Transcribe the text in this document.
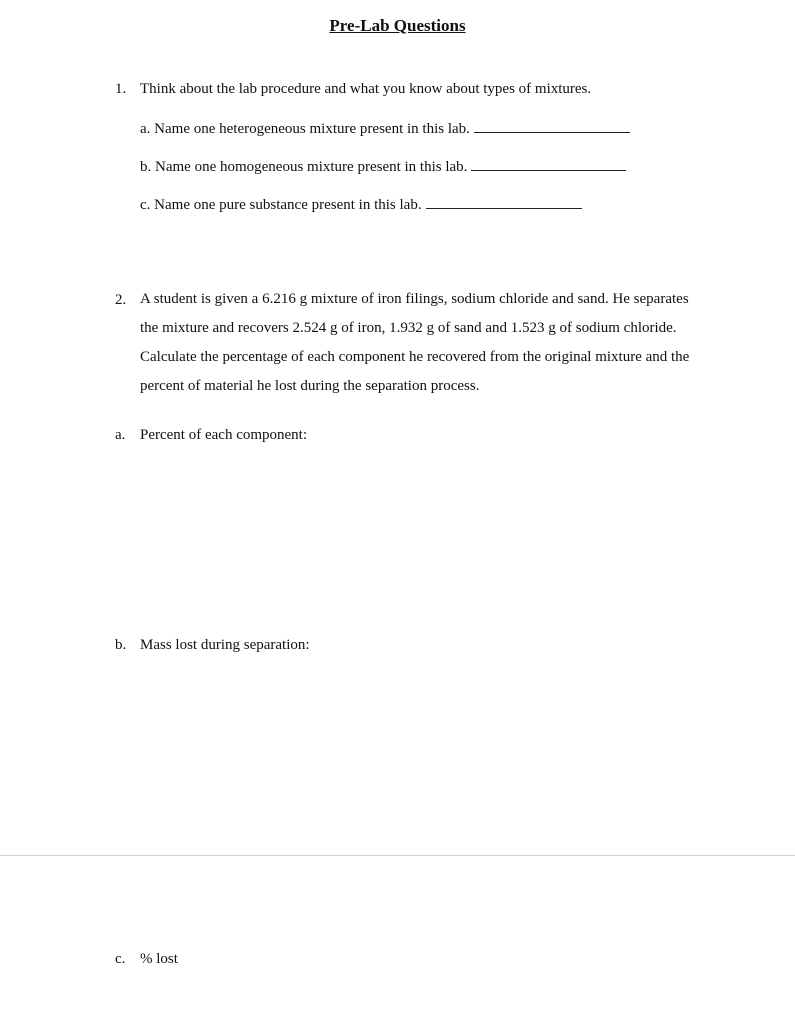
Pre-Lab Questions
1. Think about the lab procedure and what you know about types of mixtures.
a. Name one heterogeneous mixture present in this lab.
b. Name one homogeneous mixture present in this lab.
c. Name one pure substance present in this lab.
2. A student is given a 6.216 g mixture of iron filings, sodium chloride and sand. He separates the mixture and recovers 2.524 g of iron, 1.932 g of sand and 1.523 g of sodium chloride. Calculate the percentage of each component he recovered from the original mixture and the percent of material he lost during the separation process.
a. Percent of each component:
b. Mass lost during separation:
c. % lost
